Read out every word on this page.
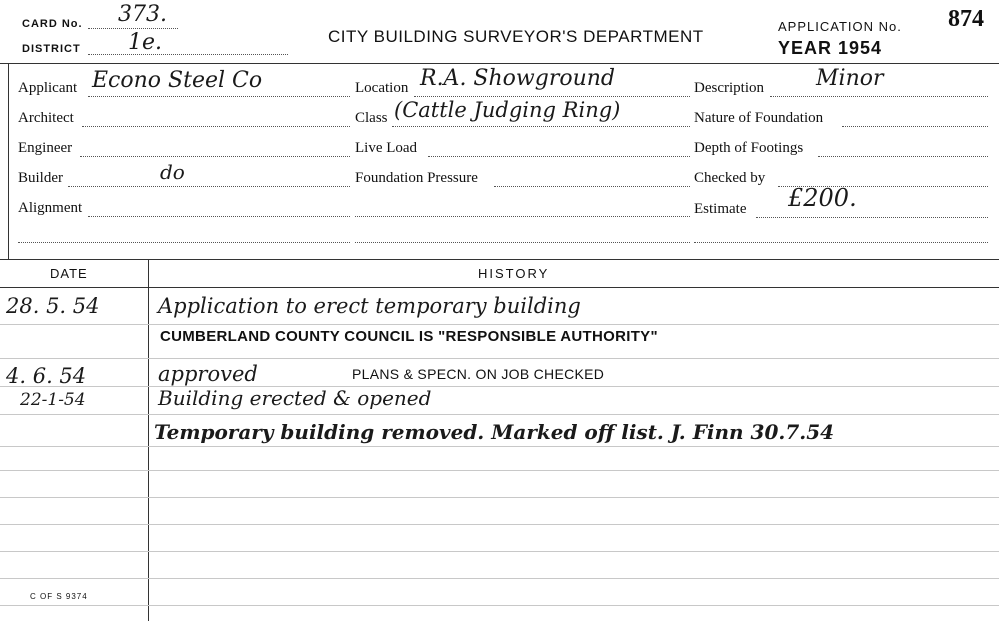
CARD No. 373.
DISTRICT 1e.	CITY BUILDING SURVEYOR'S DEPARTMENT
APPLICATION No. 874
YEAR 1954
Applicant Econo Steel Co
Architect
Engineer
Builder	do
Alignment
Location R.A. Showground
Class (Cattle Judging Ring)
Live Load
Foundation Pressure
Description Minor
Nature of Foundation
Depth of Footings
Checked by
Estimate £200.
DATE	HISTORY
28. 5. 54	Application to erect temporary building
CUMBERLAND COUNTY COUNCIL IS "RESPONSIBLE AUTHORITY"
4. 6. 54	approved	PLANS & SPECN. ON JOB CHECKED
22-1-54	Building erected & opened
Temporary building removed. Marked off list. J. Finn 30.7.54
C OF S 9374
